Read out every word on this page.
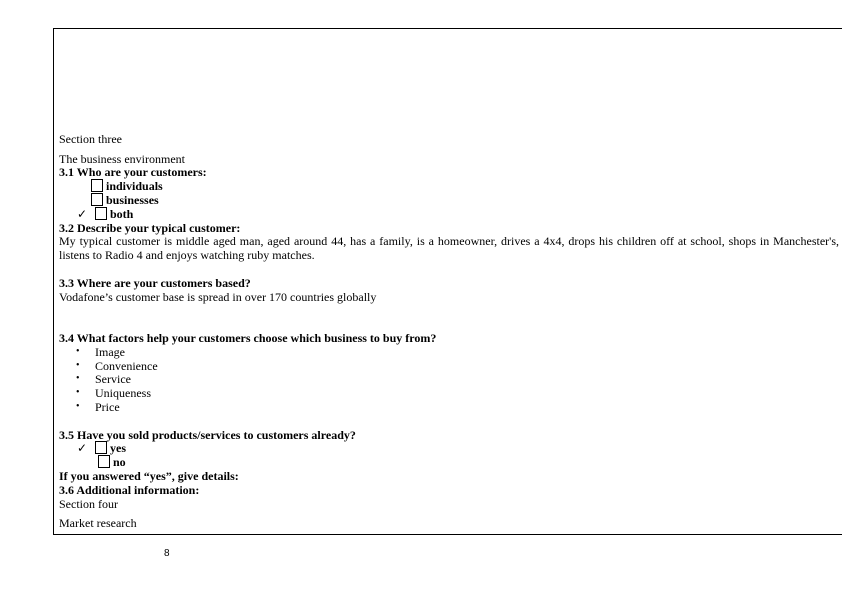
Section three
The business environment
3.1 Who are your customers:
individuals
businesses
✓	both
3.2 Describe your typical customer:
My typical customer is middle aged man, aged around 44, has a family, is a homeowner, drives a 4x4, drops his children off at school, shops in Manchester's, listens to Radio 4 and enjoys watching ruby matches.
3.3 Where are your customers based?
Vodafone’s customer base is spread in over 170 countries globally
3.4 What factors help your customers choose which business to buy from?
• Image
• Convenience
• Service
• Uniqueness
• Price
3.5 Have you sold products/services to customers already?
✓	yes
no
If you answered “yes”, give details:
3.6 Additional information:
Section four
Market research
8
